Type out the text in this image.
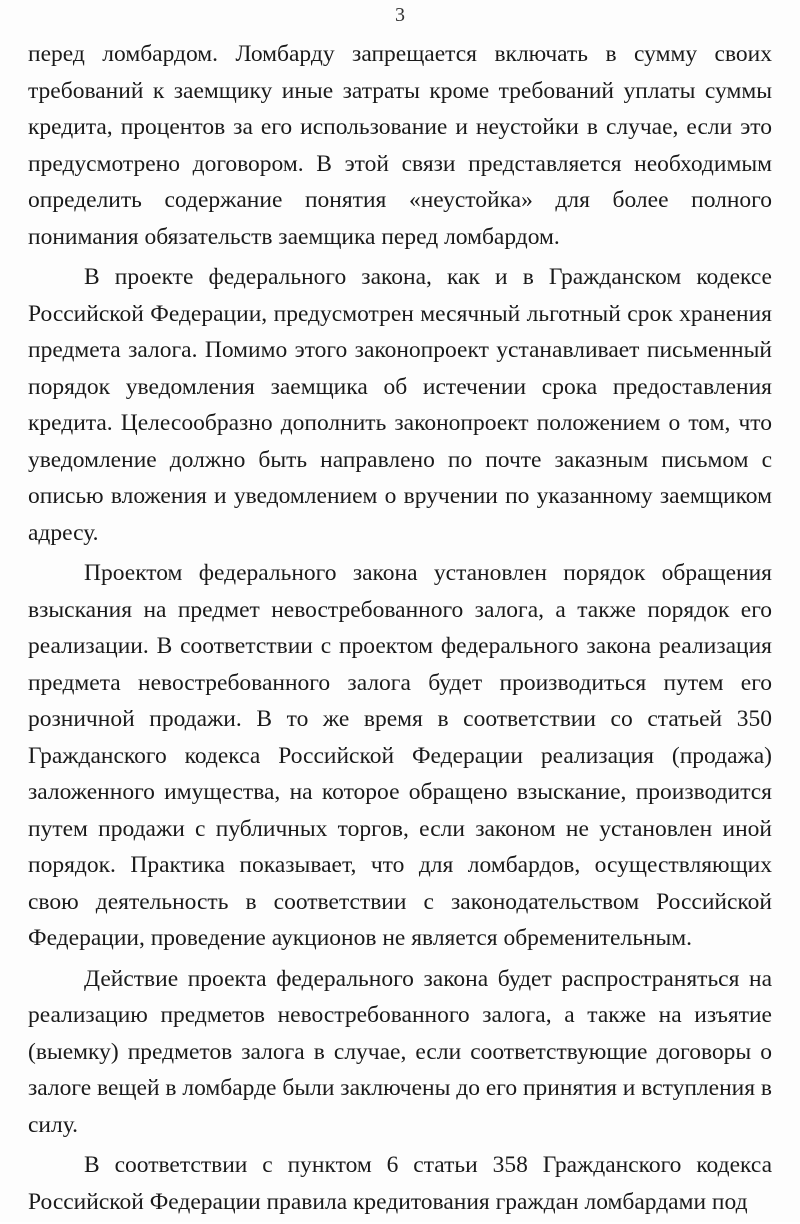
3

перед ломбардом. Ломбарду запрещается включать в сумму своих требований к заемщику иные затраты кроме требований уплаты суммы кредита, процентов за его использование и неустойки в случае, если это предусмотрено договором. В этой связи представляется необходимым определить содержание понятия «неустойка» для более полного понимания обязательств заемщика перед ломбардом.

В проекте федерального закона, как и в Гражданском кодексе Российской Федерации, предусмотрен месячный льготный срок хранения предмета залога. Помимо этого законопроект устанавливает письменный порядок уведомления заемщика об истечении срока предоставления кредита. Целесообразно дополнить законопроект положением о том, что уведомление должно быть направлено по почте заказным письмом с описью вложения и уведомлением о вручении по указанному заемщиком адресу.

Проектом федерального закона установлен порядок обращения взыскания на предмет невостребованного залога, а также порядок его реализации. В соответствии с проектом федерального закона реализация предмета невостребованного залога будет производиться путем его розничной продажи. В то же время в соответствии со статьей 350 Гражданского кодекса Российской Федерации реализация (продажа) заложенного имущества, на которое обращено взыскание, производится путем продажи с публичных торгов, если законом не установлен иной порядок. Практика показывает, что для ломбардов, осуществляющих свою деятельность в соответствии с законодательством Российской Федерации, проведение аукционов не является обременительным.

Действие проекта федерального закона будет распространяться на реализацию предметов невостребованного залога, а также на изъятие (выемку) предметов залога в случае, если соответствующие договоры о залоге вещей в ломбарде были заключены до его принятия и вступления в силу.

В соответствии с пунктом 6 статьи 358 Гражданского кодекса Российской Федерации правила кредитования граждан ломбардами под
